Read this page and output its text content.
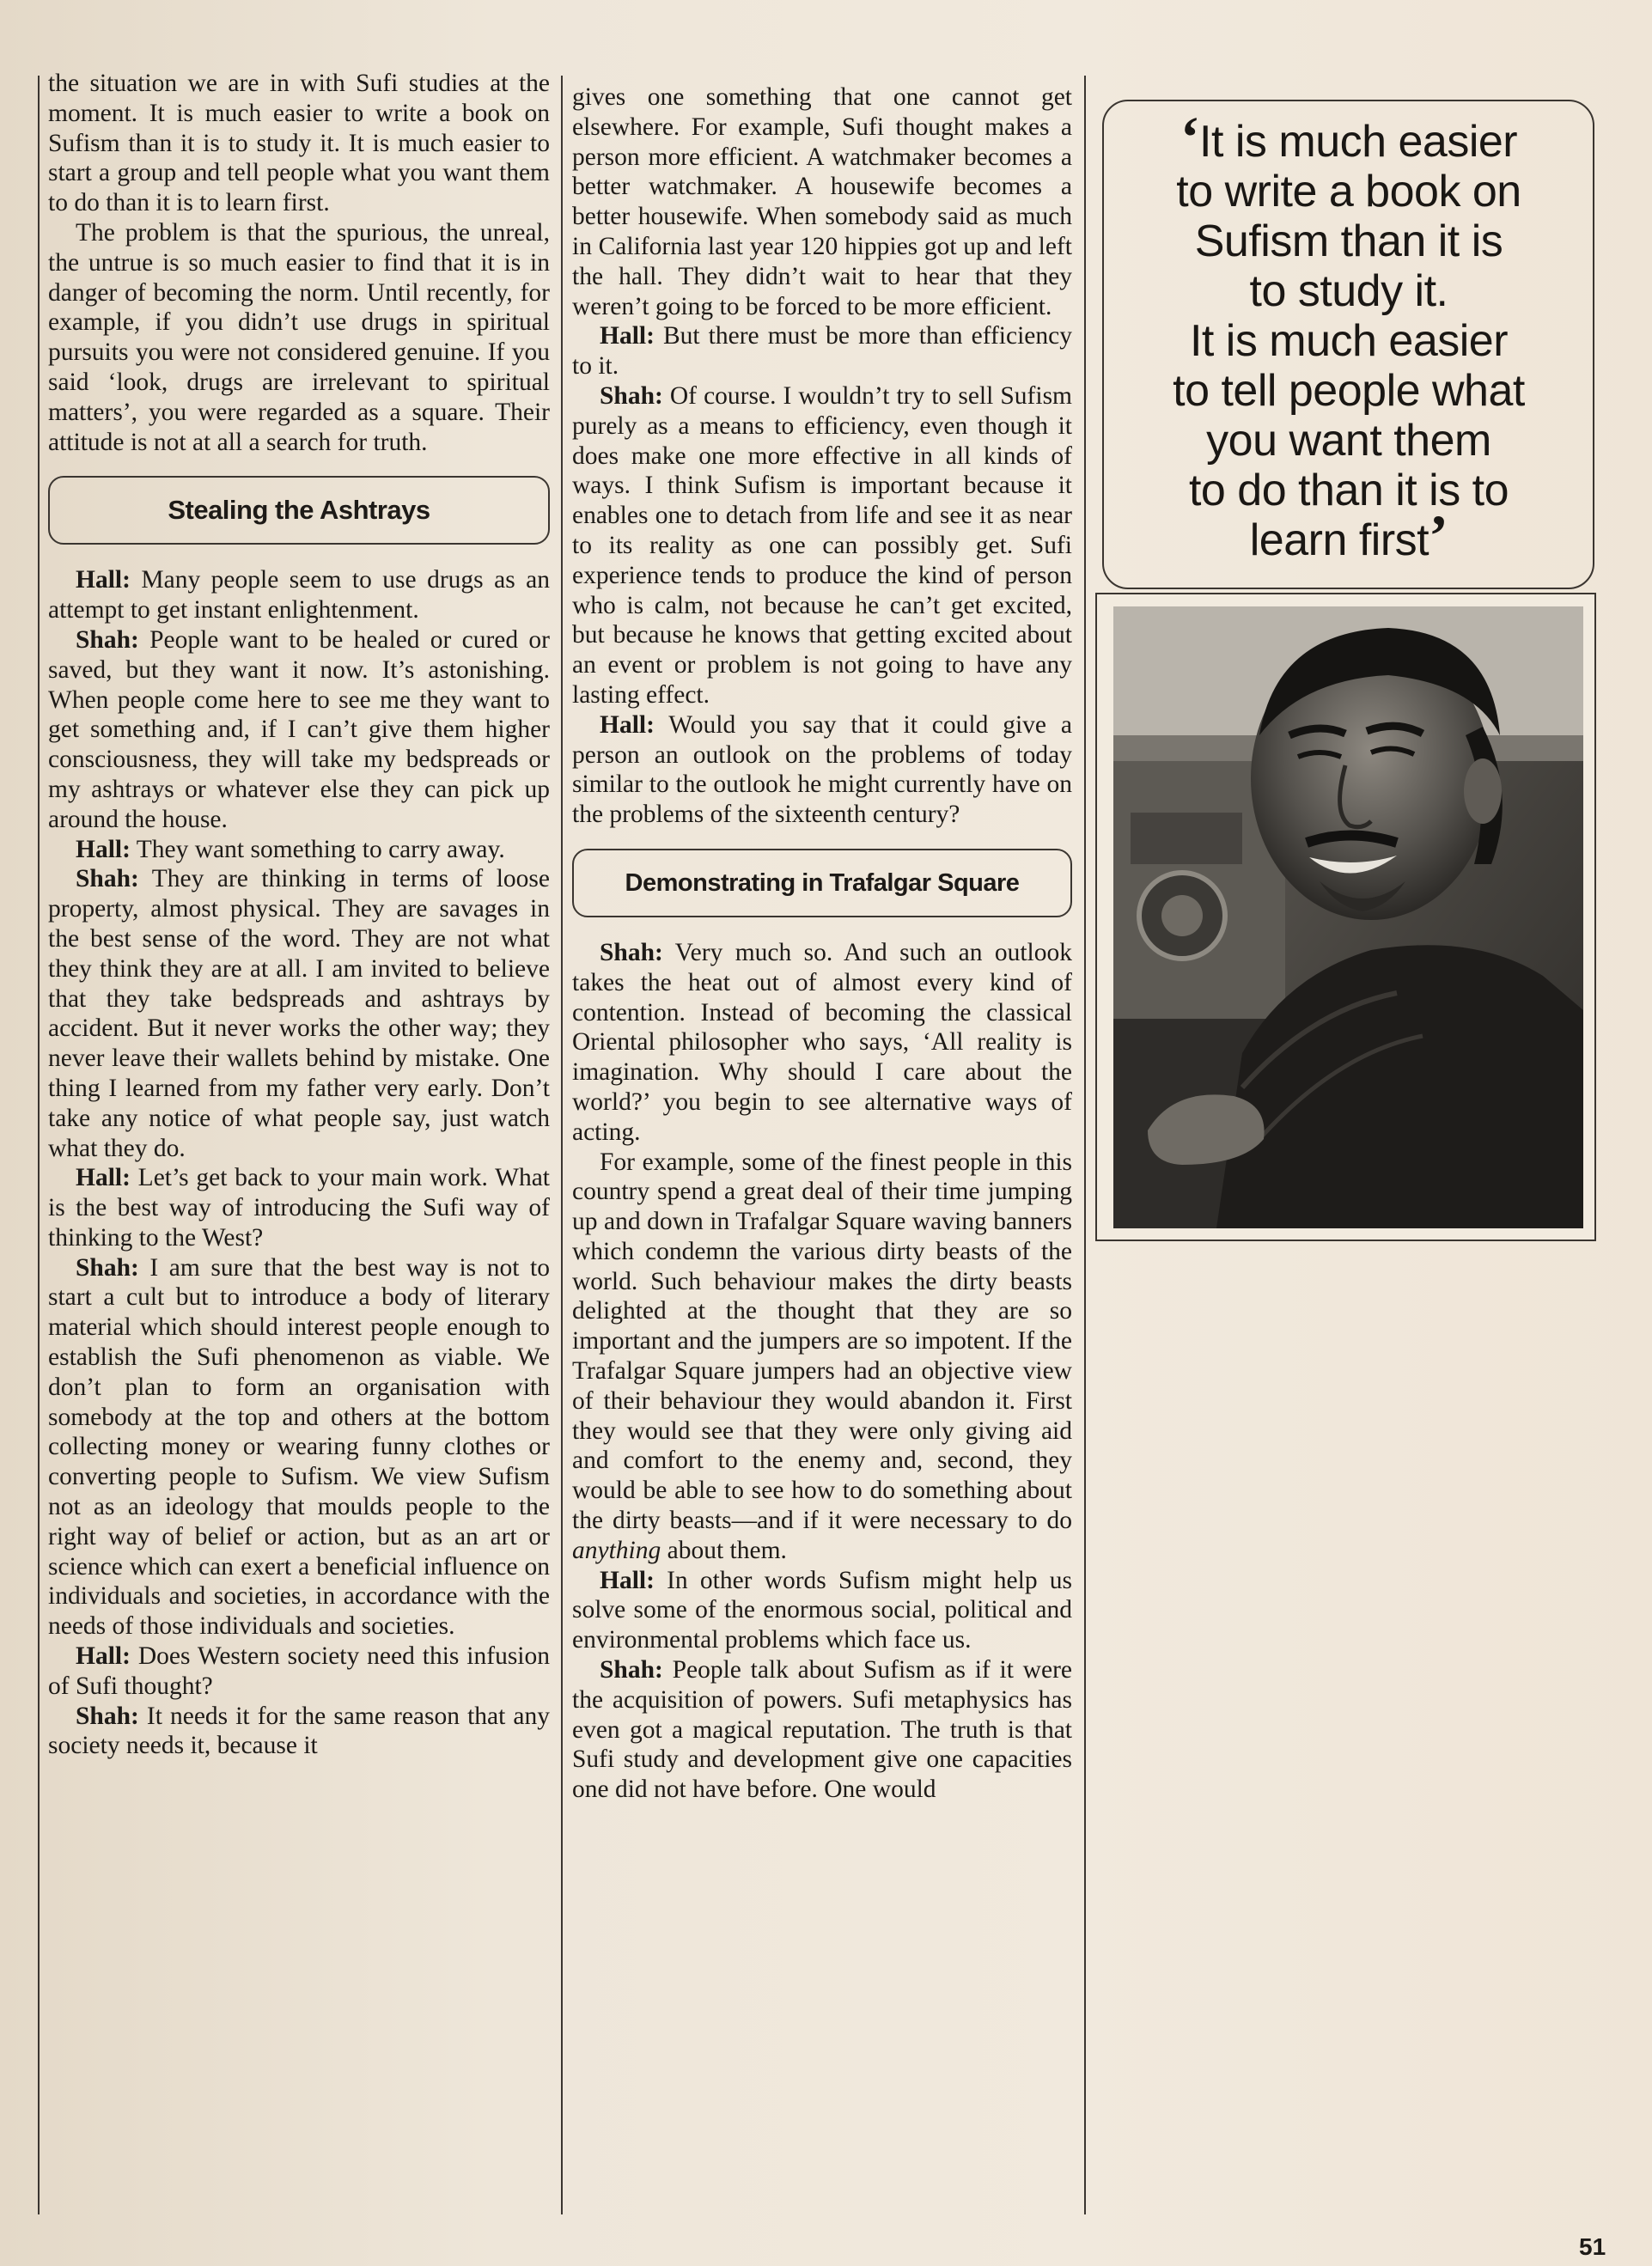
the situation we are in with Sufi studies at the moment. It is much easier to write a book on Sufism than it is to study it. It is much easier to start a group and tell people what you want them to do than it is to learn first.

The problem is that the spurious, the unreal, the untrue is so much easier to find that it is in danger of becoming the norm. Until recently, for example, if you didn’t use drugs in spiritual pursuits you were not considered genuine. If you said ‘look, drugs are irrelevant to spiritual matters’, you were regarded as a square. Their attitude is not at all a search for truth.

Stealing the Ashtrays

Hall: Many people seem to use drugs as an attempt to get instant enlightenment.

Shah: People want to be healed or cured or saved, but they want it now. It’s astonishing. When people come here to see me they want to get something and, if I can’t give them higher consciousness, they will take my bedspreads or my ashtrays or whatever else they can pick up around the house.

Hall: They want something to carry away.

Shah: They are thinking in terms of loose property, almost physical. They are savages in the best sense of the word. They are not what they think they are at all. I am invited to believe that they take bedspreads and ashtrays by accident. But it never works the other way; they never leave their wallets behind by mistake. One thing I learned from my father very early. Don’t take any notice of what people say, just watch what they do.

Hall: Let’s get back to your main work. What is the best way of introducing the Sufi way of thinking to the West?

Shah: I am sure that the best way is not to start a cult but to introduce a body of literary material which should interest people enough to establish the Sufi phenomenon as viable. We don’t plan to form an organisation with somebody at the top and others at the bottom collecting money or wearing funny clothes or converting people to Sufism. We view Sufism not as an ideology that moulds people to the right way of belief or action, but as an art or science which can exert a beneficial influence on individuals and societies, in accordance with the needs of those individuals and societies.

Hall: Does Western society need this infusion of Sufi thought?

Shah: It needs it for the same reason that any society needs it, because it

gives one something that one cannot get elsewhere. For example, Sufi thought makes a person more efficient. A watchmaker becomes a better watchmaker. A housewife becomes a better housewife. When somebody said as much in California last year 120 hippies got up and left the hall. They didn’t wait to hear that they weren’t going to be forced to be more efficient.

Hall: But there must be more than efficiency to it.

Shah: Of course. I wouldn’t try to sell Sufism purely as a means to efficiency, even though it does make one more effective in all kinds of ways. I think Sufism is important because it enables one to detach from life and see it as near to its reality as one can possibly get. Sufi experience tends to produce the kind of person who is calm, not because he can’t get excited, but because he knows that getting excited about an event or problem is not going to have any lasting effect.

Hall: Would you say that it could give a person an outlook on the problems of today similar to the outlook he might currently have on the problems of the sixteenth century?

Demonstrating in Trafalgar Square

Shah: Very much so. And such an outlook takes the heat out of almost every kind of contention. Instead of becoming the classical Oriental philosopher who says, ‘All reality is imagination. Why should I care about the world?’ you begin to see alternative ways of acting.

For example, some of the finest people in this country spend a great deal of their time jumping up and down in Trafalgar Square waving banners which condemn the various dirty beasts of the world. Such behaviour makes the dirty beasts delighted at the thought that they are so important and the jumpers are so impotent. If the Trafalgar Square jumpers had an objective view of their behaviour they would abandon it. First they would see that they were only giving aid and comfort to the enemy and, second, they would be able to see how to do something about the dirty beasts—and if it were necessary to do anything about them.

Hall: In other words Sufism might help us solve some of the enormous social, political and environmental problems which face us.

Shah: People talk about Sufism as if it were the acquisition of powers. Sufi metaphysics has even got a magical reputation. The truth is that Sufi study and development give one capacities one did not have before. One would

‘It is much easier
to write a book on
Sufism than it is
to study it.
It is much easier
to tell people what
you want them
to do than it is to
learn first’
51
